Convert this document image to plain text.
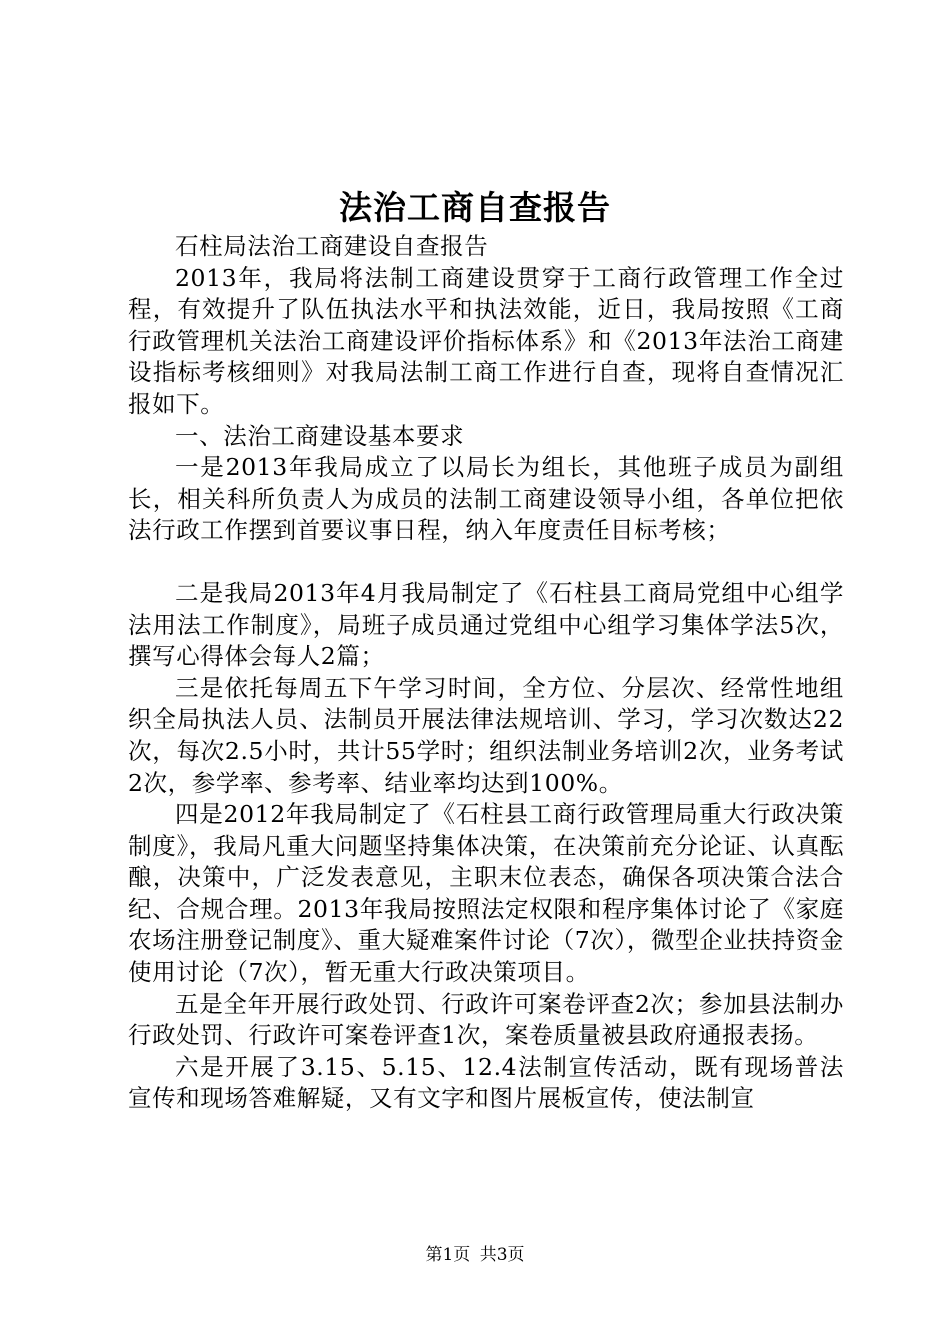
法治工商自查报告

石柱局法治工商建设自查报告

2013年，我局将法制工商建设贯穿于工商行政管理工作全过程，有效提升了队伍执法水平和执法效能，近日，我局按照《工商行政管理机关法治工商建设评价指标体系》和《2013年法治工商建设指标考核细则》对我局法制工商工作进行自查，现将自查情况汇报如下。

一、法治工商建设基本要求

一是2013年我局成立了以局长为组长，其他班子成员为副组长，相关科所负责人为成员的法制工商建设领导小组，各单位把依法行政工作摆到首要议事日程，纳入年度责任目标考核；

二是我局2013年4月我局制定了《石柱县工商局党组中心组学法用法工作制度》，局班子成员通过党组中心组学习集体学法5次，撰写心得体会每人2篇；

三是依托每周五下午学习时间，全方位、分层次、经常性地组织全局执法人员、法制员开展法律法规培训、学习，学习次数达22次，每次2.5小时，共计55学时；组织法制业务培训2次，业务考试2次，参学率、参考率、结业率均达到100%。

四是2012年我局制定了《石柱县工商行政管理局重大行政决策制度》，我局凡重大问题坚持集体决策，在决策前充分论证、认真酝酿，决策中，广泛发表意见，主职末位表态，确保各项决策合法合纪、合规合理。2013年我局按照法定权限和程序集体讨论了《家庭农场注册登记制度》、重大疑难案件讨论（7次），微型企业扶持资金使用讨论（7次），暂无重大行政决策项目。

五是全年开展行政处罚、行政许可案卷评查2次；参加县法制办行政处罚、行政许可案卷评查1次，案卷质量被县政府通报表扬。

六是开展了3.15、5.15、12.4法制宣传活动，既有现场普法宣传和现场答难解疑，又有文字和图片展板宣传，使法制宣

第1页 共3页
